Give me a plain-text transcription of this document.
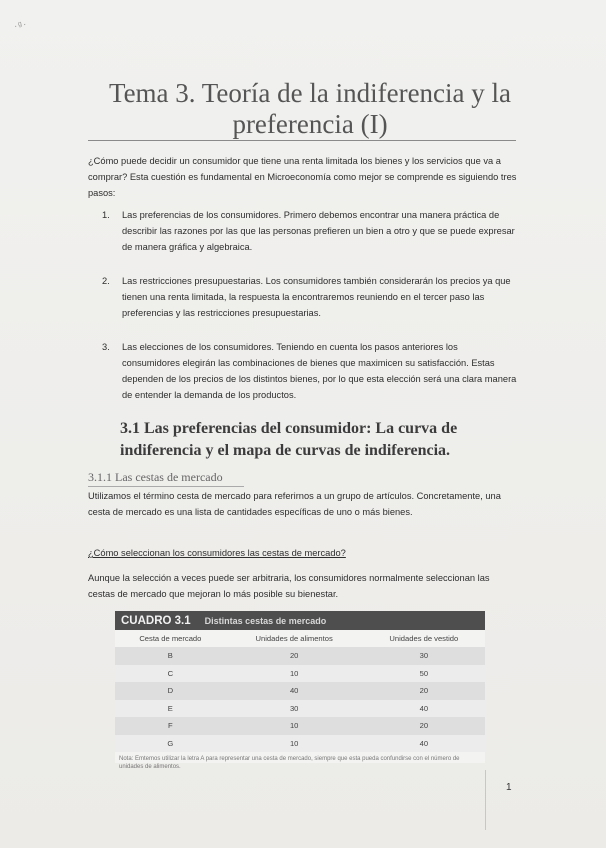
·ᵍ·
Tema 3. Teoría de la indiferencia y la preferencia (I)

¿Cómo puede decidir un consumidor que tiene una renta limitada los bienes y los servicios que va a comprar? Esta cuestión es fundamental en Microeconomía como mejor se comprende es siguiendo tres pasos:

1. Las preferencias de los consumidores. Primero debemos encontrar una manera práctica de describir las razones por las que las personas prefieren un bien a otro y que se puede expresar de manera gráfica y algebraica.
2. Las restricciones presupuestarias. Los consumidores también considerarán los precios ya que tienen una renta limitada, la respuesta la encontraremos reuniendo en el tercer paso las preferencias y las restricciones presupuestarias.
3. Las elecciones de los consumidores. Teniendo en cuenta los pasos anteriores los consumidores elegirán las combinaciones de bienes que maximicen su satisfacción. Estas dependen de los precios de los distintos bienes, por lo que esta elección será una clara manera de entender la demanda de los productos.
3.1 Las preferencias del consumidor: La curva de indiferencia y el mapa de curvas de indiferencia.
3.1.1 Las cestas de mercado

Utilizamos el término cesta de mercado para referirnos a un grupo de artículos. Concretamente, una cesta de mercado es una lista de cantidades específicas de uno o más bienes.

¿Cómo seleccionan los consumidores las cestas de mercado?

Aunque la selección a veces puede ser arbitraria, los consumidores normalmente seleccionan las cestas de mercado que mejoran lo más posible su bienestar.

CUADRO 3.1 Distintas cestas de mercado
Cesta de mercado	Unidades de alimentos	Unidades de vestido
B	20	30
C	10	50
D	40	20
E	30	40
F	10	20
G	10	40
Nota: Emtemos utilizar la letra A para representar una cesta de mercado, siempre que esta pueda confundirse con el número de unidades de alimentos.
1
